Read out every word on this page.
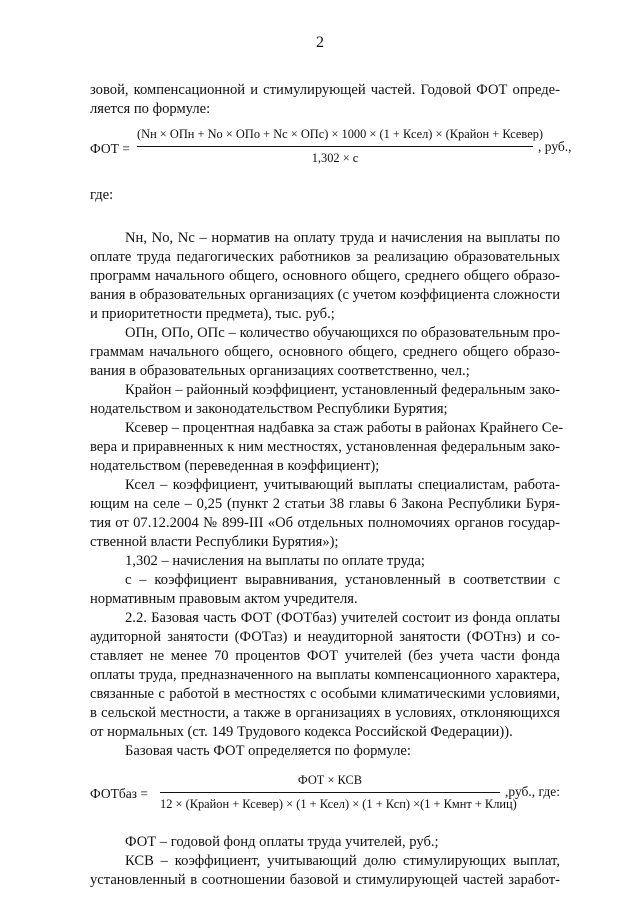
2
зовой, компенсационной и стимулирующей частей. Годовой ФОТ опреде-
ляется по формуле:
ФОТ =
(Nн × ОПн + Nо × ОПо + Nс × ОПс) × 1000 × (1 + Ксел) × (Крайон + Ксевер)
1,302 × с
, руб.,
где:
Nн, Nо, Nс – норматив на оплату труда и начисления на выплаты по
оплате труда педагогических работников за реализацию образовательных
программ начального общего, основного общего, среднего общего образо-
вания в образовательных организациях (с учетом коэффициента сложности
и приоритетности предмета), тыс. руб.;
ОПн, ОПо, ОПс – количество обучающихся по образовательным про-
граммам начального общего, основного общего, среднего общего образо-
вания в образовательных организациях соответственно, чел.;
Крайон – районный коэффициент, установленный федеральным зако-
нодательством и законодательством Республики Бурятия;
Ксевер – процентная надбавка за стаж работы в районах Крайнего Се-
вера и приравненных к ним местностях, установленная федеральным зако-
нодательством (переведенная в коэффициент);
Ксел – коэффициент, учитывающий выплаты специалистам, работа-
ющим на селе – 0,25 (пункт 2 статьи 38 главы 6 Закона Республики Буря-
тия от 07.12.2004 № 899-III «Об отдельных полномочиях органов государ-
ственной власти Республики Бурятия»);
1,302 – начисления на выплаты по оплате труда;
с – коэффициент выравнивания, установленный в соответствии с
нормативным правовым актом учредителя.
2.2. Базовая часть ФОТ (ФОТбаз) учителей состоит из фонда оплаты
аудиторной занятости (ФОТаз) и неаудиторной занятости (ФОТнз) и со-
ставляет не менее 70 процентов ФОТ учителей (без учета части фонда
оплаты труда, предназначенного на выплаты компенсационного характера,
связанные с работой в местностях с особыми климатическими условиями,
в сельской местности, а также в организациях в условиях, отклоняющихся
от нормальных (ст. 149 Трудового кодекса Российской Федерации)).
Базовая часть ФОТ определяется по формуле:
ФОТбаз =
ФОТ × КСВ
12 × (Крайон + Ксевер) × (1 + Ксел) × (1 + Ксп) ×(1 + Кмнт + Клиц)
,руб., где:
ФОТ – годовой фонд оплаты труда учителей, руб.;
КСВ – коэффициент, учитывающий долю стимулирующих выплат,
установленный в соотношении базовой и стимулирующей частей заработ-
